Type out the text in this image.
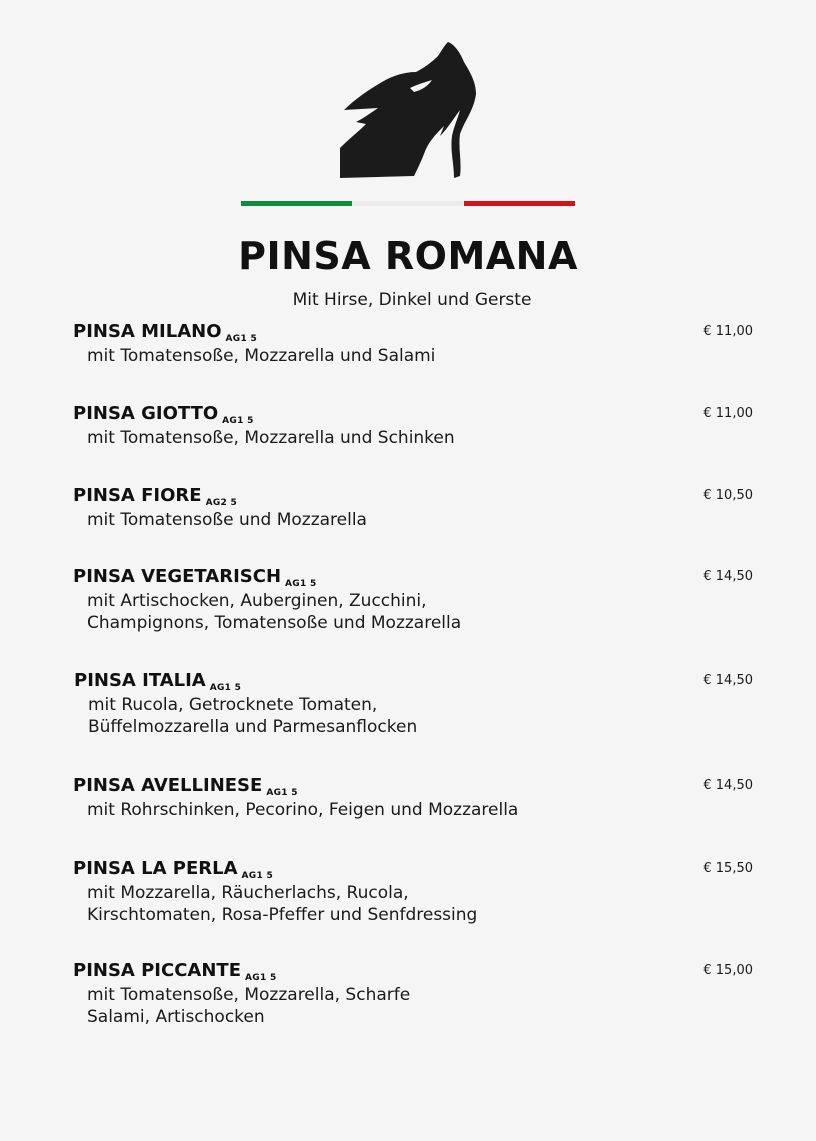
PINSA ROMANA
Mit Hirse, Dinkel und Gerste
PINSA MILANO $_{AG1 5}$	€ 11,00
mit Tomatensoße, Mozzarella und Salami
PINSA GIOTTO $_{AG1 5}$	€ 11,00
mit Tomatensoße, Mozzarella und Schinken
PINSA FIORE $_{AG2 5}$	€ 10,50
mit Tomatensoße und Mozzarella
PINSA VEGETARISCH $_{AG1 5}$	€ 14,50
mit Artischocken, Auberginen, Zucchini, Champignons, Tomatensoße und Mozzarella
PINSA ITALIA $_{AG1 5}$	€ 14,50
mit Rucola, Getrocknete Tomaten, Büffelmozzarella und Parmesanflocken
PINSA AVELLINESE $_{AG1 5}$	€ 14,50
mit Rohrschinken, Pecorino, Feigen und Mozzarella
PINSA LA PERLA $_{AG1 5}$	€ 15,50
mit Mozzarella, Räucherlachs, Rucola, Kirschtomaten, Rosa-Pfeffer und Senfdressing
PINSA PICCANTE $_{AG1 5}$	€ 15,00
mit Tomatensoße, Mozzarella, Scharfe Salami, Artischocken
